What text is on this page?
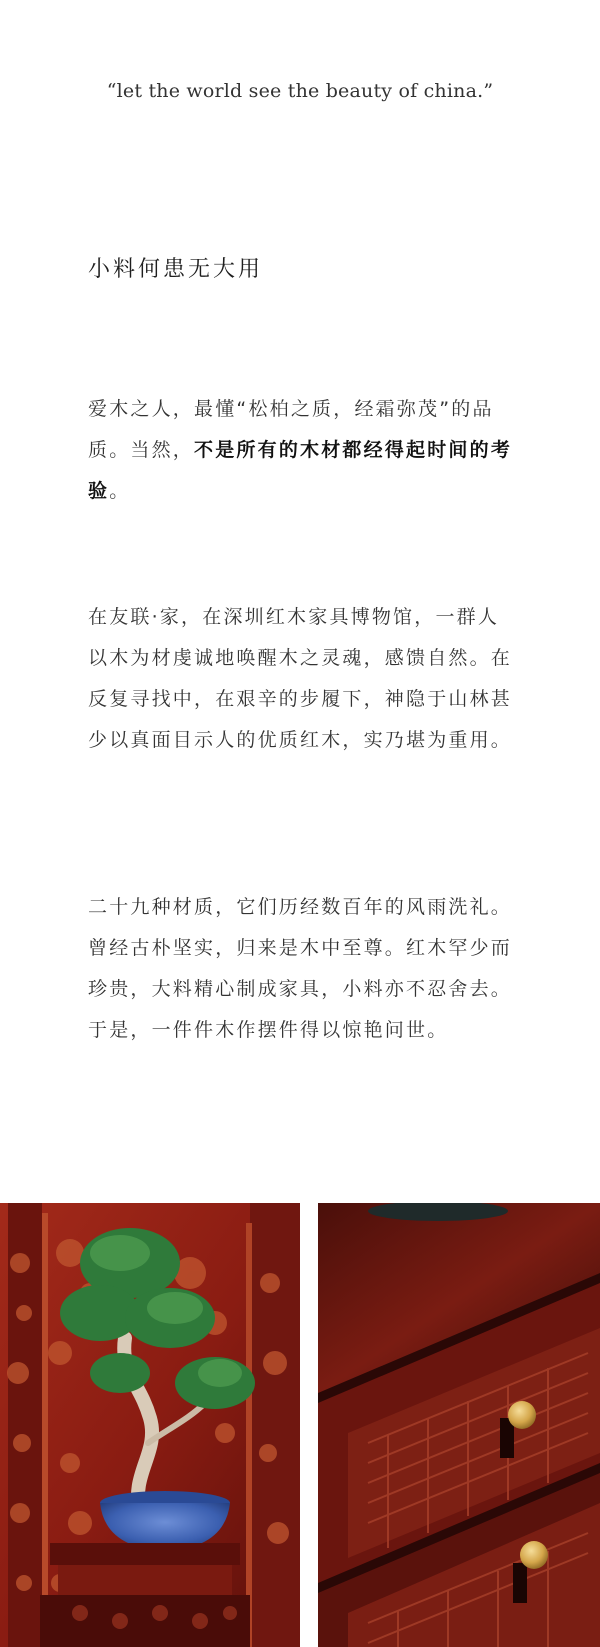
“let the world see the beauty of china.”
小料何患无大用

爱木之人，最懂“松柏之质，经霜弥茂”的品质。当然，不是所有的木材都经得起时间的考验。

在友联·家，在深圳红木家具博物馆，一群人以木为材虔诚地唤醒木之灵魂，感馈自然。在反复寻找中，在艰辛的步履下，神隐于山林甚少以真面目示人的优质红木，实乃堪为重用。

二十九种材质，它们历经数百年的风雨洗礼。曾经古朴坚实，归来是木中至尊。红木罕少而珍贵，大料精心制成家具，小料亦不忍舍去。于是，一件件木作摆件得以惊艳问世。
